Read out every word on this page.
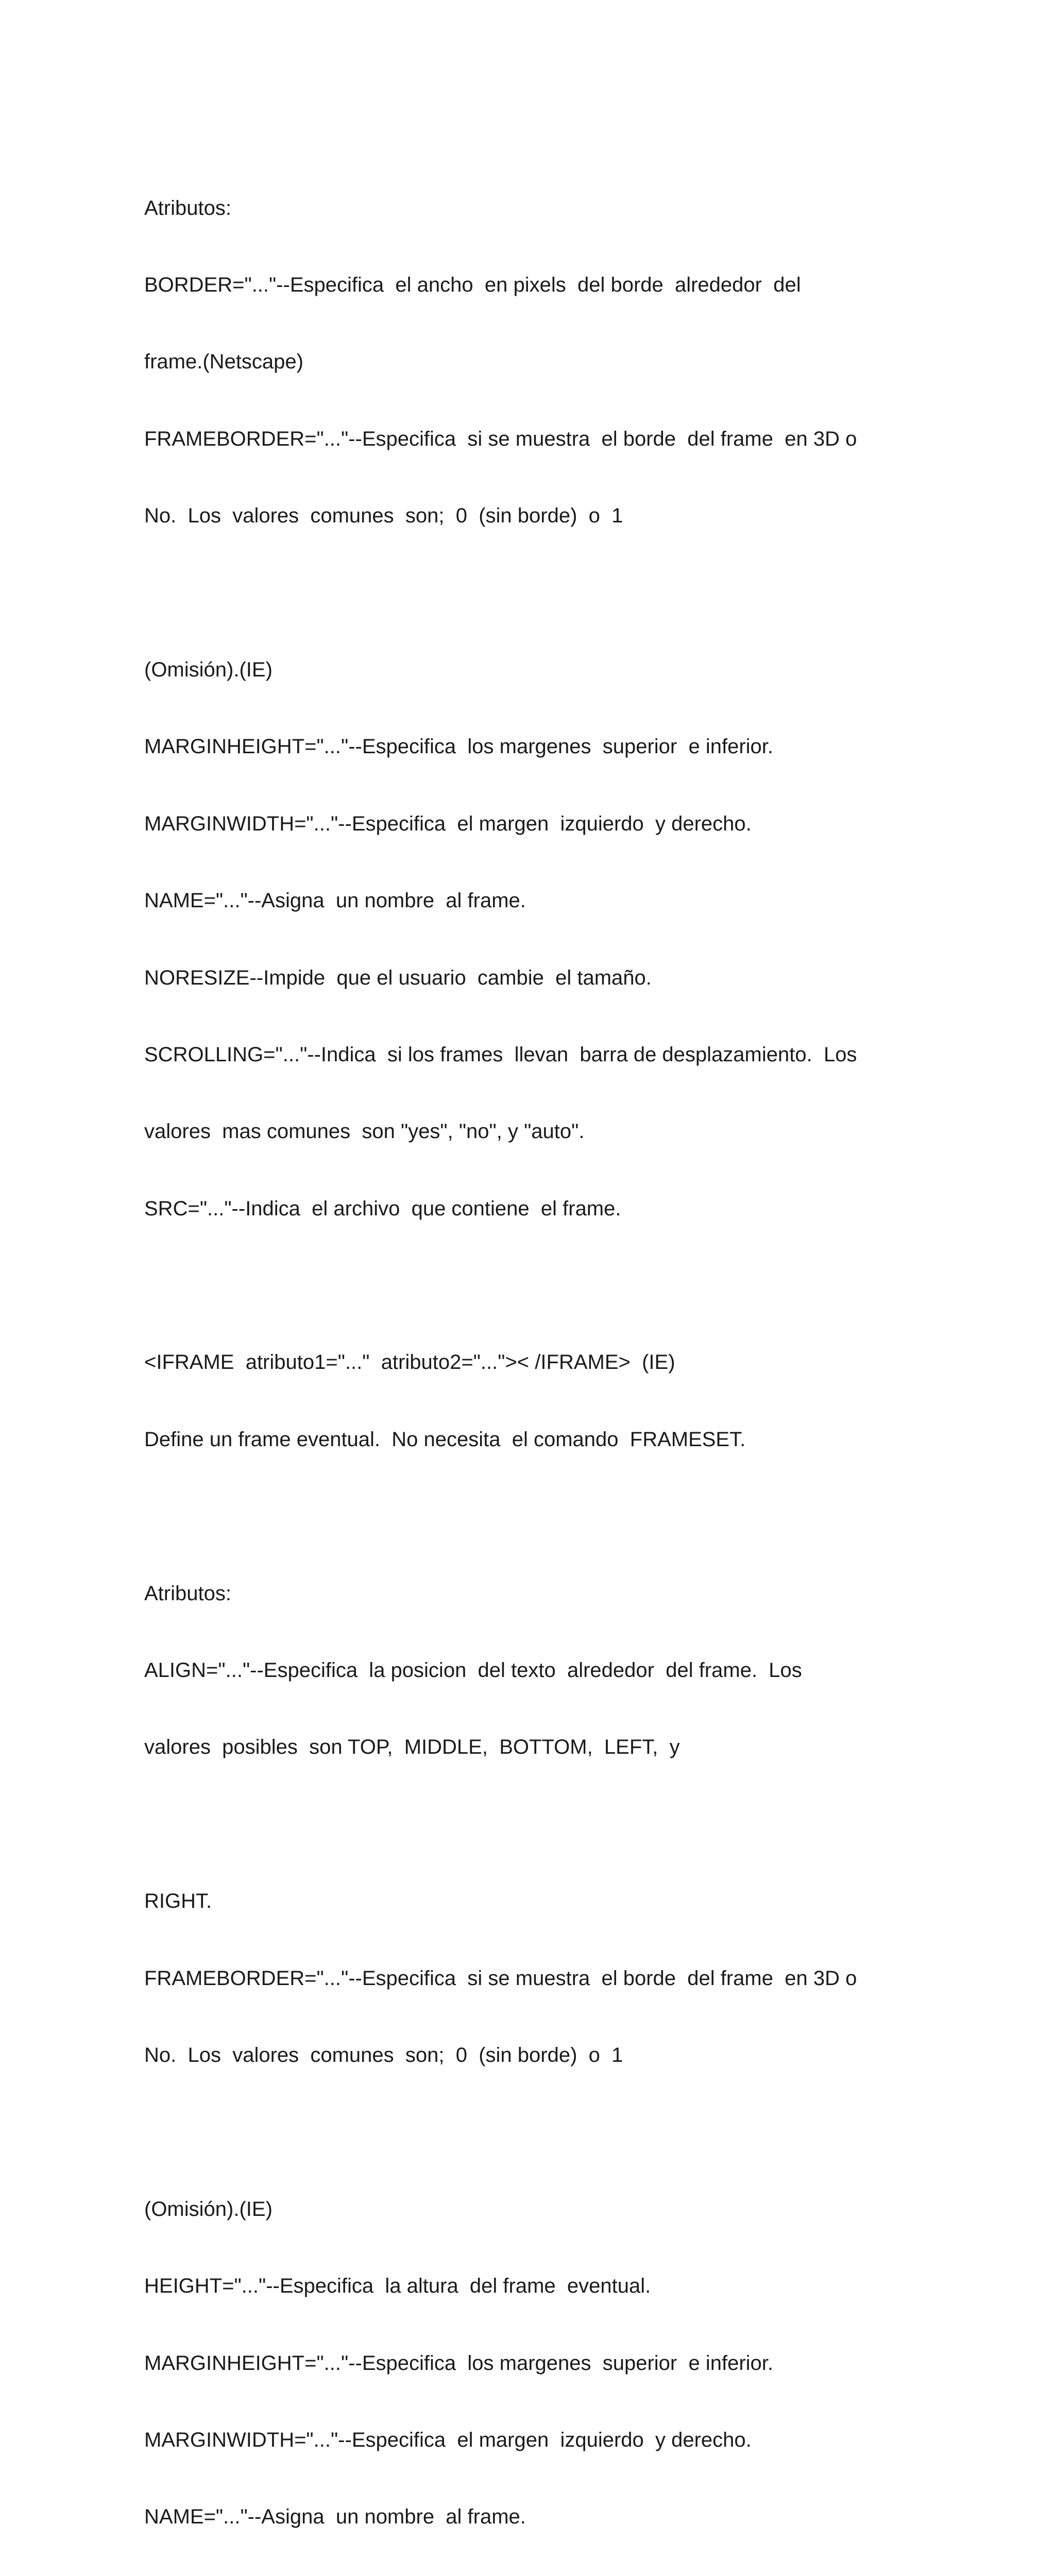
Atributos:

BORDER="..."--Especifica  el ancho  en pixels  del borde  alrededor  del

frame.(Netscape)

FRAMEBORDER="..."--Especifica  si se muestra  el borde  del frame  en 3D o

No.  Los  valores  comunes  son;  0  (sin borde)  o  1

(Omisión).(IE)

MARGINHEIGHT="..."--Especifica  los margenes  superior  e inferior.

MARGINWIDTH="..."--Especifica  el margen  izquierdo  y derecho.

NAME="..."--Asigna  un nombre  al frame.

NORESIZE--Impide  que el usuario  cambie  el tamaño.

SCROLLING="..."--Indica  si los frames  llevan  barra de desplazamiento.  Los

valores  mas comunes  son "yes", "no", y "auto".

SRC="..."--Indica  el archivo  que contiene  el frame.

<IFRAME  atributo1="..."  atributo2="...">< /IFRAME>  (IE)

Define un frame eventual.  No necesita  el comando  FRAMESET.

Atributos:

ALIGN="..."--Especifica  la posicion  del texto  alrededor  del frame.  Los

valores  posibles  son TOP,  MIDDLE,  BOTTOM,  LEFT,  y

RIGHT.

FRAMEBORDER="..."--Especifica  si se muestra  el borde  del frame  en 3D o

No.  Los  valores  comunes  son;  0  (sin borde)  o  1

(Omisión).(IE)

HEIGHT="..."--Especifica  la altura  del frame  eventual.

MARGINHEIGHT="..."--Especifica  los margenes  superior  e inferior.

MARGINWIDTH="..."--Especifica  el margen  izquierdo  y derecho.

NAME="..."--Asigna  un nombre  al frame.
